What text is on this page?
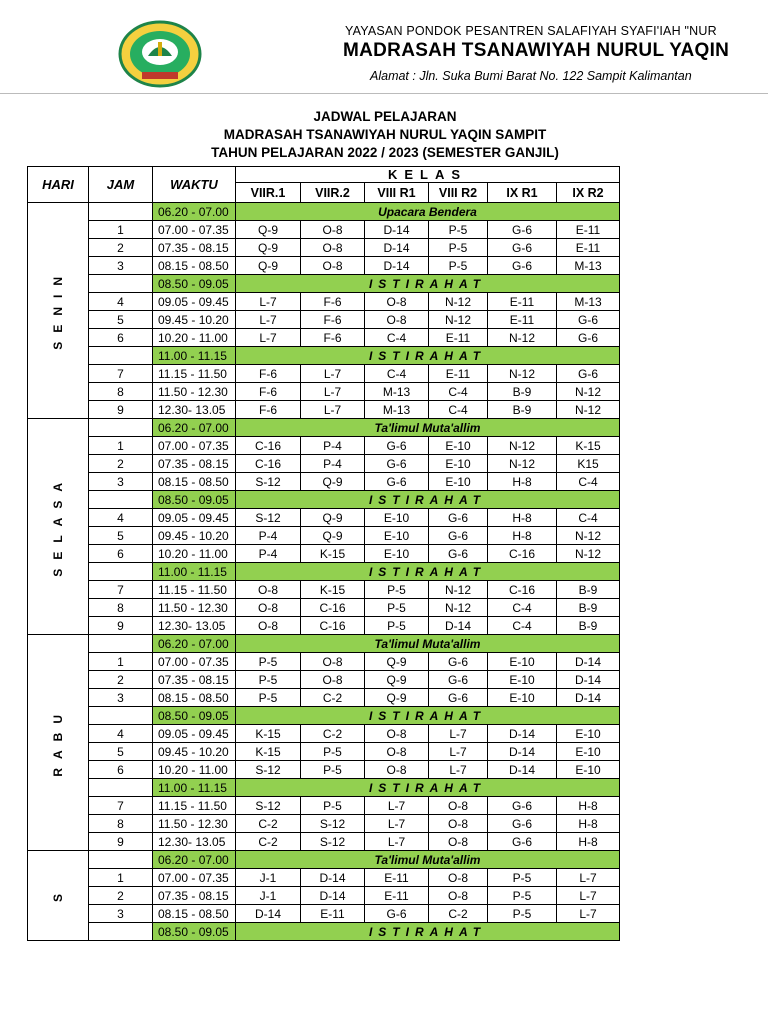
YAYASAN PONDOK PESANTREN SALAFIYAH SYAFI'IAH "NUR
MADRASAH TSANAWIYAH NURUL YAQIN
Alamat : Jln. Suka Bumi Barat No. 122 Sampit Kalimantan
JADWAL PELAJARAN
MADRASAH TSANAWIYAH NURUL YAQIN SAMPIT
TAHUN PELAJARAN 2022 / 2023 (SEMESTER GANJIL)
HARI	JAM	WAKTU	KELAS					
			VIIR.1	VIIR.2	VIII R1	VIII R2	IX R1	IX R2
SENIN		06.20 - 07.00	Upacara Bendera					
	1	07.00 - 07.35	Q-9	O-8	D-14	P-5	G-6	E-11
	2	07.35 - 08.15	Q-9	O-8	D-14	P-5	G-6	E-11
	3	08.15 - 08.50	Q-9	O-8	D-14	P-5	G-6	M-13
		08.50 - 09.05	ISTIRAHAT					
	4	09.05 - 09.45	L-7	F-6	O-8	N-12	E-11	M-13
	5	09.45 - 10.20	L-7	F-6	O-8	N-12	E-11	G-6
	6	10.20 - 11.00	L-7	F-6	C-4	E-11	N-12	G-6
		11.00 - 11.15	ISTIRAHAT					
	7	11.15 - 11.50	F-6	L-7	C-4	E-11	N-12	G-6
	8	11.50 - 12.30	F-6	L-7	M-13	C-4	B-9	N-12
	9	12.30- 13.05	F-6	L-7	M-13	C-4	B-9	N-12
SELASA		06.20 - 07.00	Ta'limul Muta'allim					
	1	07.00 - 07.35	C-16	P-4	G-6	E-10	N-12	K-15
	2	07.35 - 08.15	C-16	P-4	G-6	E-10	N-12	K15
	3	08.15 - 08.50	S-12	Q-9	G-6	E-10	H-8	C-4
		08.50 - 09.05	ISTIRAHAT					
	4	09.05 - 09.45	S-12	Q-9	E-10	G-6	H-8	C-4
	5	09.45 - 10.20	P-4	Q-9	E-10	G-6	H-8	N-12
	6	10.20 - 11.00	P-4	K-15	E-10	G-6	C-16	N-12
		11.00 - 11.15	ISTIRAHAT					
	7	11.15 - 11.50	O-8	K-15	P-5	N-12	C-16	B-9
	8	11.50 - 12.30	O-8	C-16	P-5	N-12	C-4	B-9
	9	12.30- 13.05	O-8	C-16	P-5	D-14	C-4	B-9
RABU		06.20 - 07.00	Ta'limul Muta'allim					
	1	07.00 - 07.35	P-5	O-8	Q-9	G-6	E-10	D-14
	2	07.35 - 08.15	P-5	O-8	Q-9	G-6	E-10	D-14
	3	08.15 - 08.50	P-5	C-2	Q-9	G-6	E-10	D-14
		08.50 - 09.05	ISTIRAHAT					
	4	09.05 - 09.45	K-15	C-2	O-8	L-7	D-14	E-10
	5	09.45 - 10.20	K-15	P-5	O-8	L-7	D-14	E-10
	6	10.20 - 11.00	S-12	P-5	O-8	L-7	D-14	E-10
		11.00 - 11.15	ISTIRAHAT					
	7	11.15 - 11.50	S-12	P-5	L-7	O-8	G-6	H-8
	8	11.50 - 12.30	C-2	S-12	L-7	O-8	G-6	H-8
	9	12.30- 13.05	C-2	S-12	L-7	O-8	G-6	H-8
S		06.20 - 07.00	Ta'limul Muta'allim					
	1	07.00 - 07.35	J-1	D-14	E-11	O-8	P-5	L-7
	2	07.35 - 08.15	J-1	D-14	E-11	O-8	P-5	L-7
	3	08.15 - 08.50	D-14	E-11	G-6	C-2	P-5	L-7
		08.50 - 09.05	ISTIRAHAT					
